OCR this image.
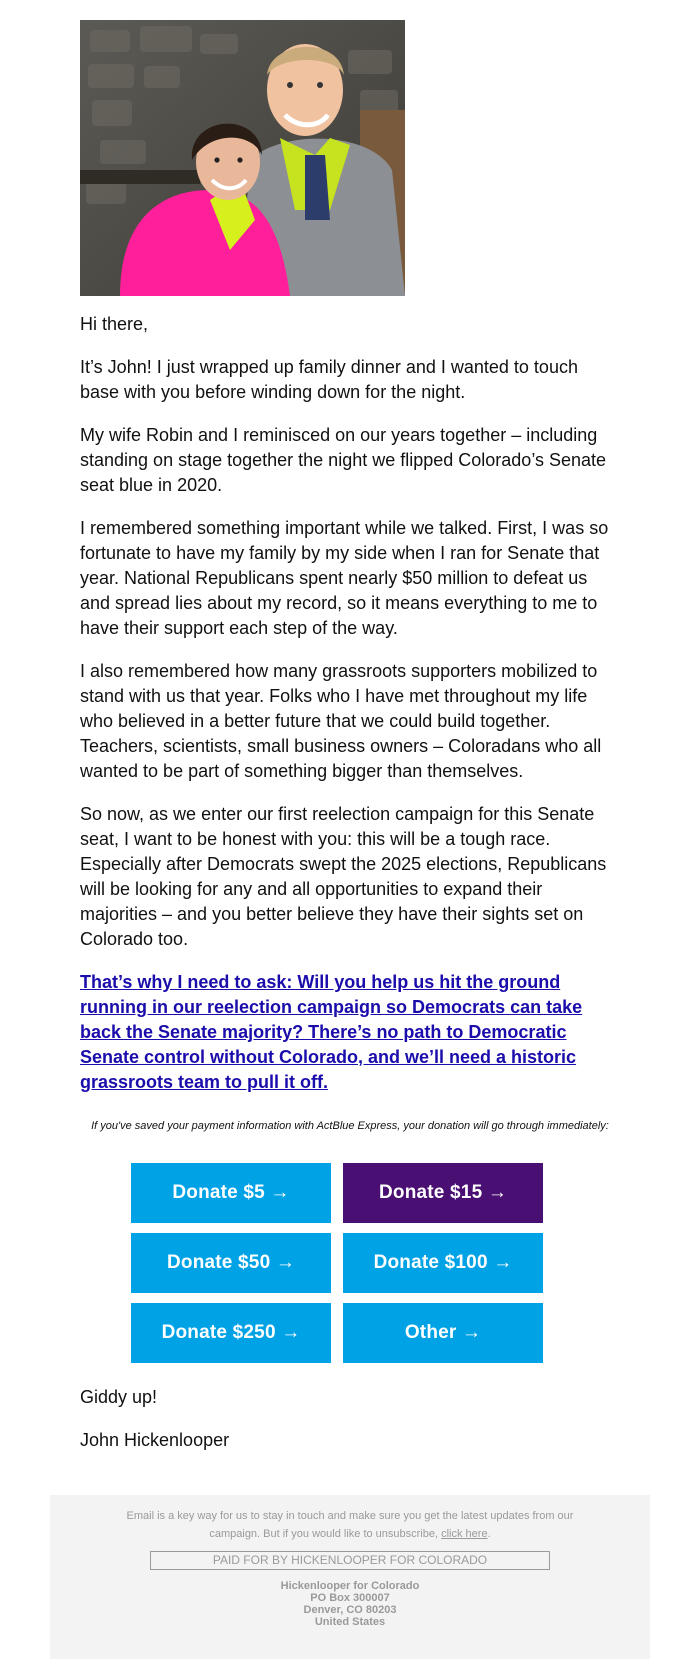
Hi there,

It’s John! I just wrapped up family dinner and I wanted to touch base with you before winding down for the night.

My wife Robin and I reminisced on our years together – including standing on stage together the night we flipped Colorado’s Senate seat blue in 2020.

I remembered something important while we talked. First, I was so fortunate to have my family by my side when I ran for Senate that year. National Republicans spent nearly $50 million to defeat us and spread lies about my record, so it means everything to me to have their support each step of the way.

I also remembered how many grassroots supporters mobilized to stand with us that year. Folks who I have met throughout my life who believed in a better future that we could build together. Teachers, scientists, small business owners – Coloradans who all wanted to be part of something bigger than themselves.

So now, as we enter our first reelection campaign for this Senate seat, I want to be honest with you: this will be a tough race. Especially after Democrats swept the 2025 elections, Republicans will be looking for any and all opportunities to expand their majorities – and you better believe they have their sights set on Colorado too.

That’s why I need to ask: Will you help us hit the ground running in our reelection campaign so Democrats can take back the Senate majority? There’s no path to Democratic Senate control without Colorado, and we’ll need a historic grassroots team to pull it off.

If you've saved your payment information with ActBlue Express, your donation will go through immediately:
Donate $5 →	Donate $15 →
Donate $50 →	Donate $100 →
Donate $250 →	Other →

Giddy up!

John Hickenlooper

Email is a key way for us to stay in touch and make sure you get the latest updates from our campaign. But if you would like to unsubscribe, click here.
PAID FOR BY HICKENLOOPER FOR COLORADO
Hickenlooper for Colorado
PO Box 300007
Denver, CO 80203
United States
